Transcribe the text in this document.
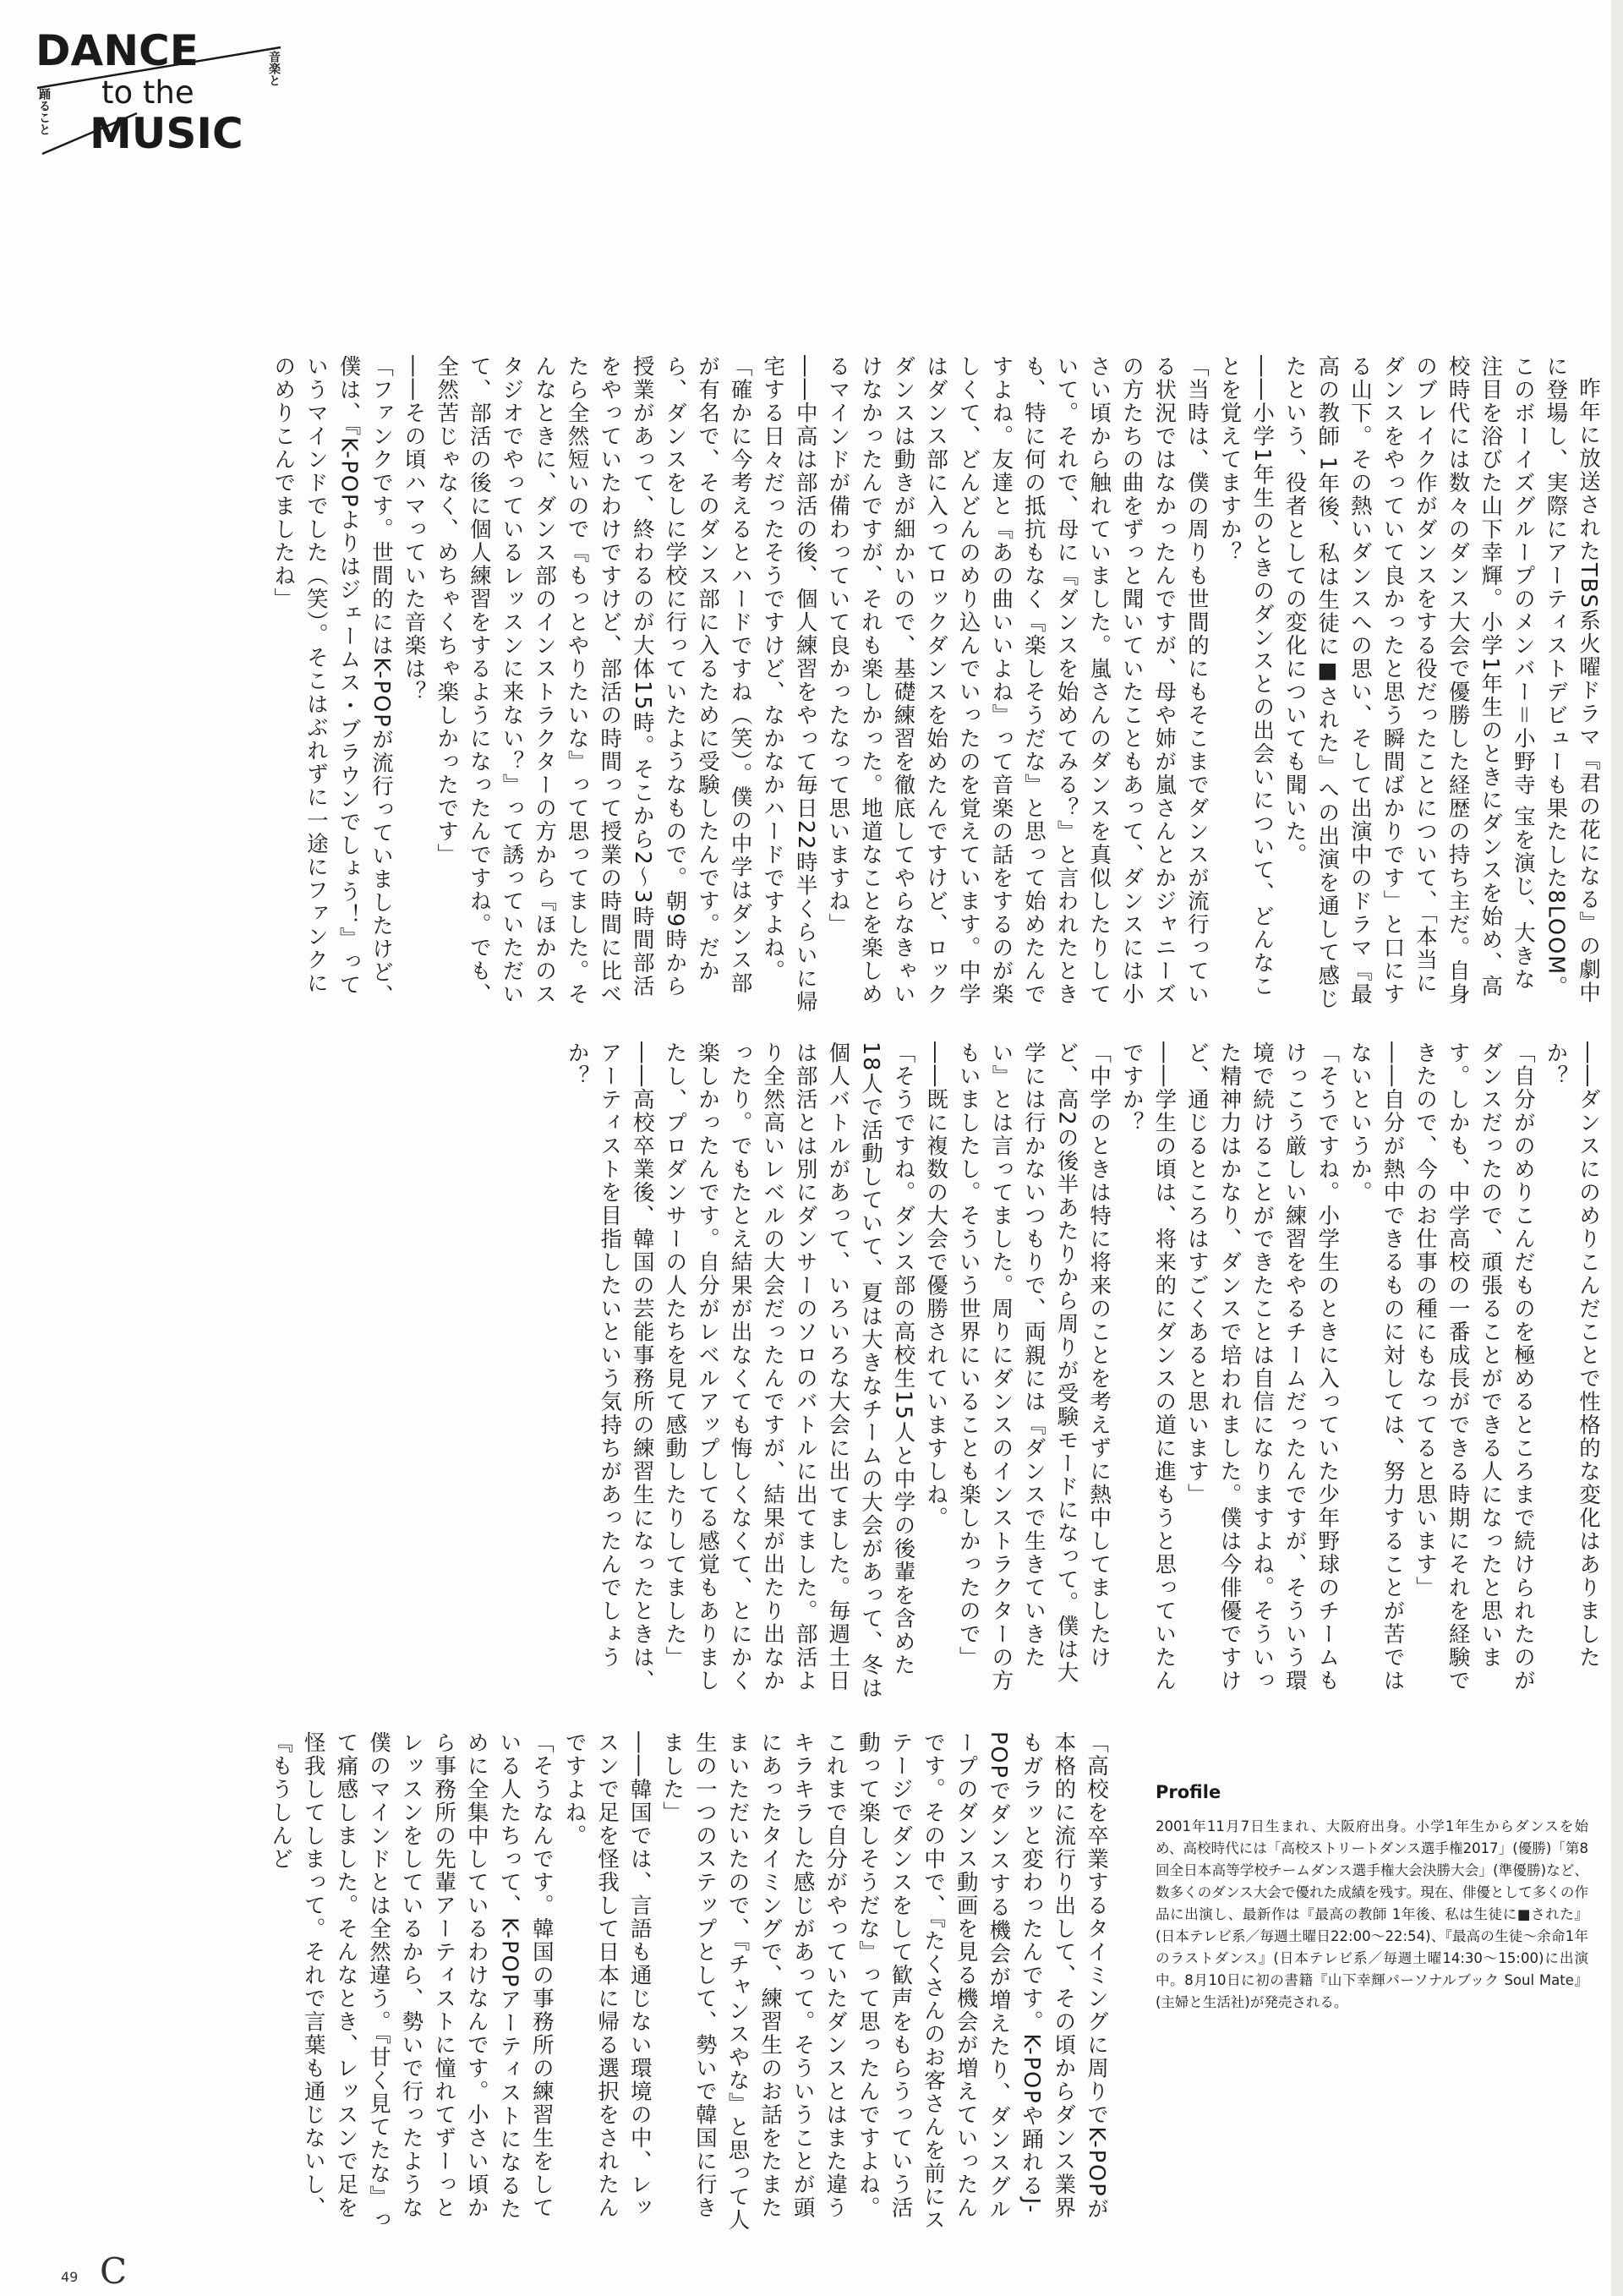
DANCE
to the
MUSIC
音楽と
踊ること

昨年に放送されたTBS系火曜ドラマ『君の花になる』の劇中に登場し、実際にアーティストデビューも果たした8LOOM。このボーイズグループのメンバー＝小野寺 宝を演じ、大きな注目を浴びた山下幸輝。小学1年生のときにダンスを始め、高校時代には数々のダンス大会で優勝した経歴の持ち主だ。自身のブレイク作がダンスをする役だったことについて、「本当にダンスをやっていて良かったと思う瞬間ばかりです」と口にする山下。その熱いダンスへの思い、そして出演中のドラマ『最高の教師 1年後、私は生徒に■された』への出演を通して感じたという、役者としての変化についても聞いた。

――小学1年生のときのダンスとの出会いについて、どんなことを覚えてますか？

「当時は、僕の周りも世間的にもそこまでダンスが流行っている状況ではなかったんですが、母や姉が嵐さんとかジャニーズの方たちの曲をずっと聞いていたこともあって、ダンスには小さい頃から触れていました。嵐さんのダンスを真似したりしていて。それで、母に『ダンスを始めてみる？』と言われたときも、特に何の抵抗もなく『楽しそうだな』と思って始めたんですよね。友達と『あの曲いいよね』って音楽の話をするのが楽しくて、どんどんのめり込んでいったのを覚えています。中学はダンス部に入ってロックダンスを始めたんですけど、ロックダンスは動きが細かいので、基礎練習を徹底してやらなきゃいけなかったんですが、それも楽しかった。地道なことを楽しめるマインドが備わっていて良かったなって思いますね」

――中高は部活の後、個人練習をやって毎日22時半くらいに帰宅する日々だったそうですけど、なかなかハードですよね。

「確かに今考えるとハードですね（笑）。僕の中学はダンス部が有名で、そのダンス部に入るために受験したんです。だから、ダンスをしに学校に行っていたようなもので。朝9時から授業があって、終わるのが大体15時。そこから2〜3時間部活をやっていたわけですけど、部活の時間って授業の時間に比べたら全然短いので『もっとやりたいな』って思ってました。そんなときに、ダンス部のインストラクターの方から『ほかのスタジオでやっているレッスンに来ない？』って誘っていただいて、部活の後に個人練習をするようになったんですね。でも、全然苦じゃなく、めちゃくちゃ楽しかったです」

――その頃ハマっていた音楽は？

「ファンクです。世間的にはK-POPが流行っていましたけど、僕は、『K-POPよりはジェームス・ブラウンでしょう！』っていうマインドでした（笑）。そこはぶれずに一途にファンクにのめりこんでましたね」

――ダンスにのめりこんだことで性格的な変化はありましたか？

「自分がのめりこんだものを極めるところまで続けられたのがダンスだったので、頑張ることができる人になったと思います。しかも、中学高校の一番成長ができる時期にそれを経験できたので、今のお仕事の種にもなってると思います」

――自分が熱中できるものに対しては、努力することが苦ではないというか。

「そうですね。小学生のときに入っていた少年野球のチームもけっこう厳しい練習をやるチームだったんですが、そういう環境で続けることができたことは自信になりますよね。そういった精神力はかなり、ダンスで培われました。僕は今俳優ですけど、通じるところはすごくあると思います」

――学生の頃は、将来的にダンスの道に進もうと思っていたんですか？

「中学のときは特に将来のことを考えずに熱中してましたけど、高2の後半あたりから周りが受験モードになって。僕は大学には行かないつもりで、両親には『ダンスで生きていきたい』とは言ってました。周りにダンスのインストラクターの方もいましたし。そういう世界にいることも楽しかったので」

――既に複数の大会で優勝されていますしね。

「そうですね。ダンス部の高校生15人と中学の後輩を含めた18人で活動していて、夏は大きなチームの大会があって、冬は個人バトルがあって、いろいろな大会に出てました。毎週土日は部活とは別にダンサーのソロのバトルに出てました。部活より全然高いレベルの大会だったんですが、結果が出たり出なかったり。でもたとえ結果が出なくても悔しくなくて、とにかく楽しかったんです。自分がレベルアップしてる感覚もありましたし、プロダンサーの人たちを見て感動したりしてました」

――高校卒業後、韓国の芸能事務所の練習生になったときは、アーティストを目指したいという気持ちがあったんでしょうか？

「高校を卒業するタイミングに周りでK-POPが本格的に流行り出して、その頃からダンス業界もガラッと変わったんです。K-POPや踊れるJ-POPでダンスする機会が増えたり、ダンスグループのダンス動画を見る機会が増えていったんです。その中で、『たくさんのお客さんを前にステージでダンスをして歓声をもらうっていう活動って楽しそうだな』って思ったんですよね。これまで自分がやっていたダンスとはまた違うキラキラした感じがあって。そういうことが頭にあったタイミングで、練習生のお話をたまたまいただいたので、『チャンスやな』と思って人生の一つのステップとして、勢いで韓国に行きました」

――韓国では、言語も通じない環境の中、レッスンで足を怪我して日本に帰る選択をされたんですよね。

「そうなんです。韓国の事務所の練習生をしている人たちって、K-POPアーティストになるために全集中しているわけなんです。小さい頃から事務所の先輩アーティストに憧れてずーっとレッスンをしているから、勢いで行ったような僕のマインドとは全然違う。『甘く見てたな』って痛感しました。そんなとき、レッスンで足を怪我してしまって。それで言葉も通じないし、『もうしんど	Profile
2001年11月7日生まれ、大阪府出身。小学1年生からダンスを始め、高校時代には「高校ストリートダンス選手権2017」(優勝)「第8回全日本高等学校チームダンス選手権大会決勝大会」(準優勝)など、数多くのダンス大会で優れた成績を残す。現在、俳優として多くの作品に出演し、最新作は『最高の教師 1年後、私は生徒に■された』(日本テレビ系／毎週土曜日22:00〜22:54)、『最高の生徒〜余命1年のラストダンス』(日本テレビ系／毎週土曜14:30〜15:00)に出演中。8月10日に初の書籍『山下幸輝パーソナルブック Soul Mate』(主婦と生活社)が発売される。
49 C
